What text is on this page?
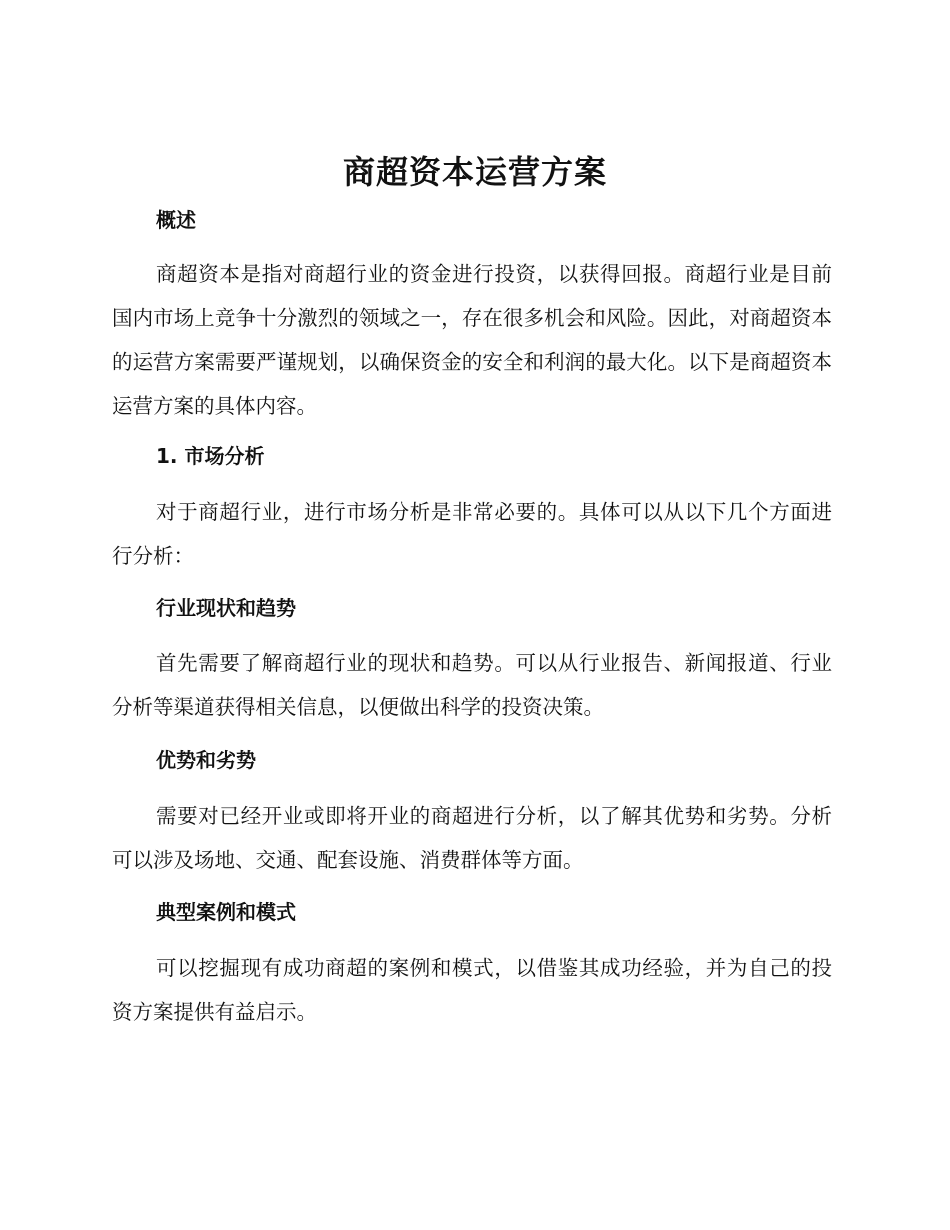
商超资本运营方案
概述

商超资本是指对商超行业的资金进行投资，以获得回报。商超行业是目前国内市场上竞争十分激烈的领域之一，存在很多机会和风险。因此，对商超资本的运营方案需要严谨规划，以确保资金的安全和利润的最大化。以下是商超资本运营方案的具体内容。

1. 市场分析

对于商超行业，进行市场分析是非常必要的。具体可以从以下几个方面进行分析：

行业现状和趋势

首先需要了解商超行业的现状和趋势。可以从行业报告、新闻报道、行业分析等渠道获得相关信息，以便做出科学的投资决策。

优势和劣势

需要对已经开业或即将开业的商超进行分析，以了解其优势和劣势。分析可以涉及场地、交通、配套设施、消费群体等方面。

典型案例和模式

可以挖掘现有成功商超的案例和模式，以借鉴其成功经验，并为自己的投资方案提供有益启示。
